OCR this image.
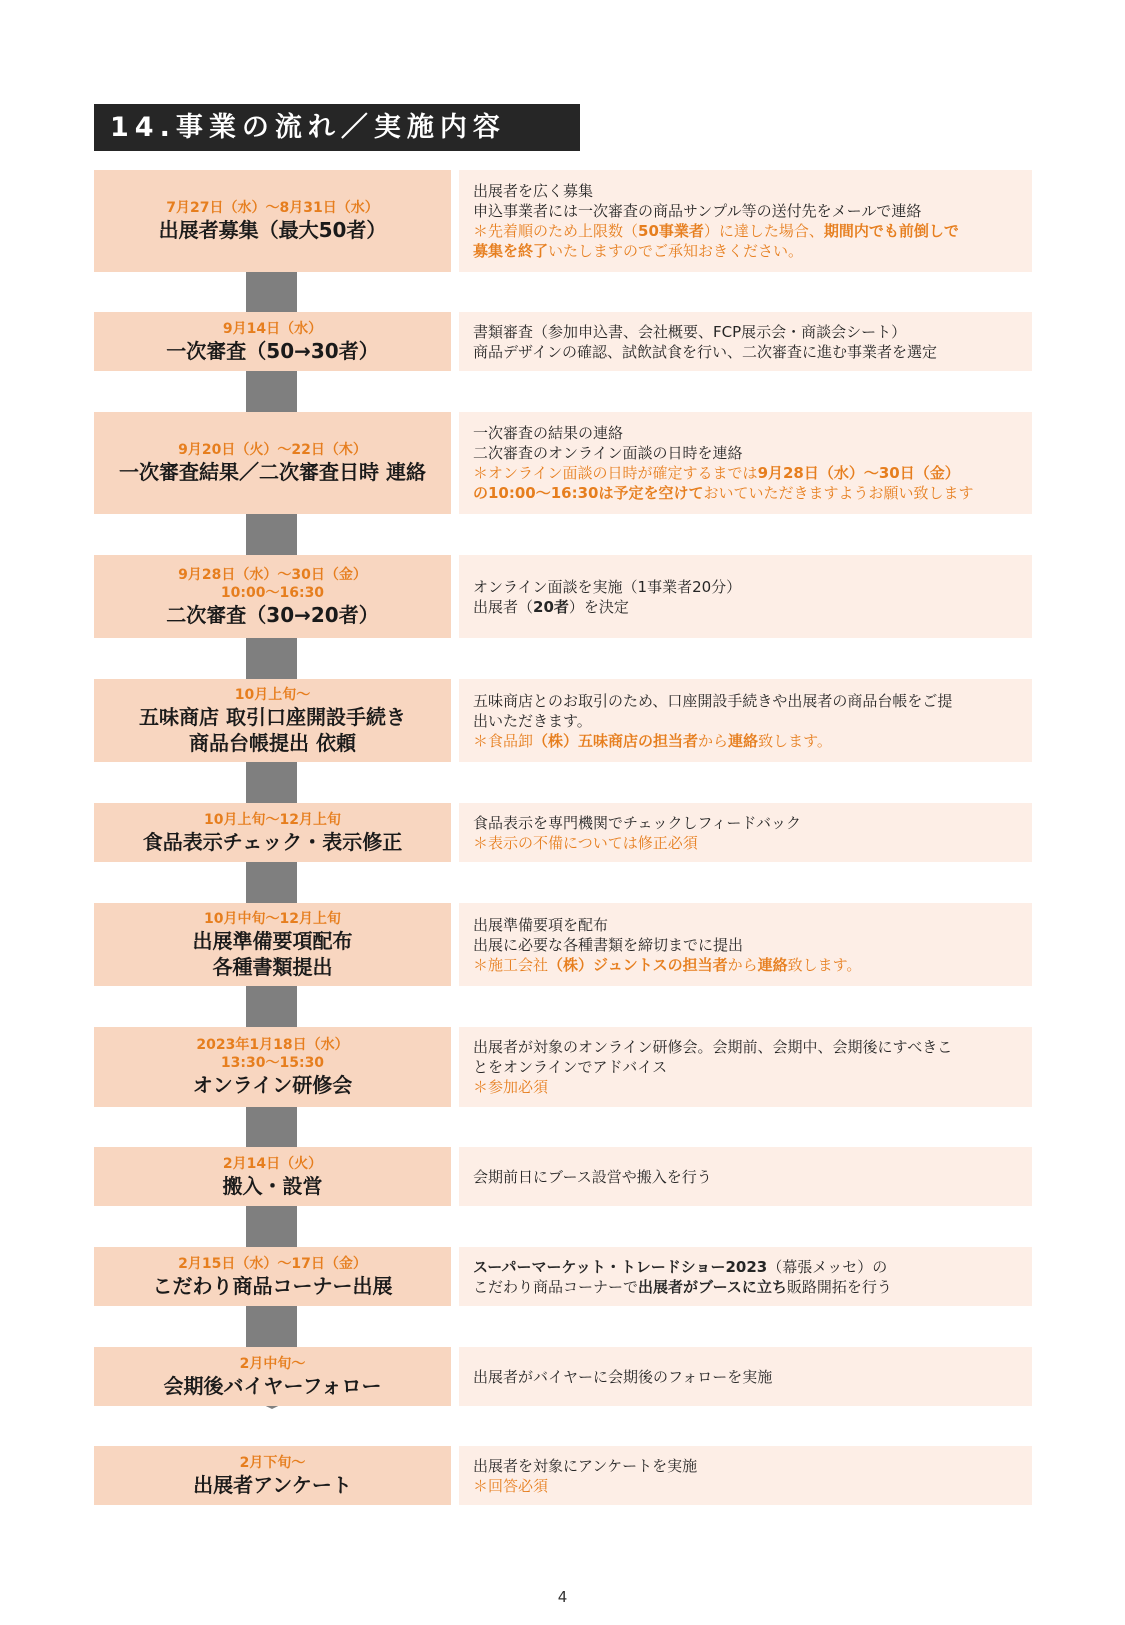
14.事業の流れ／実施内容
7月27日（水）～8月31日（水）
出展者募集（最大50者）
出展者を広く募集
申込事業者には一次審査の商品サンプル等の送付先をメールで連絡
＊先着順のため上限数（50事業者）に達した場合、期間内でも前倒しで
募集を終了いたしますのでご承知おきください。
9月14日（水）
一次審査（50→30者）
書類審査（参加申込書、会社概要、FCP展示会・商談会シート）
商品デザインの確認、試飲試食を行い、二次審査に進む事業者を選定
9月20日（火）～22日（木）
一次審査結果／二次審査日時 連絡
一次審査の結果の連絡
二次審査のオンライン面談の日時を連絡
＊オンライン面談の日時が確定するまでは9月28日（水）～30日（金）
の10:00～16:30は予定を空けておいていただきますようお願い致します
9月28日（水）～30日（金）
10:00～16:30
二次審査（30→20者）
オンライン面談を実施（1事業者20分）
出展者（20者）を決定
10月上旬～
五味商店 取引口座開設手続き
商品台帳提出 依頼
五味商店とのお取引のため、口座開設手続きや出展者の商品台帳をご提
出いただきます。
＊食品卸（株）五味商店の担当者から連絡致します。
10月上旬～12月上旬
食品表示チェック・表示修正
食品表示を専門機関でチェックしフィードバック
＊表示の不備については修正必須
10月中旬～12月上旬
出展準備要項配布
各種書類提出
出展準備要項を配布
出展に必要な各種書類を締切までに提出
＊施工会社（株）ジュントスの担当者から連絡致します。
2023年1月18日（水）
13:30～15:30
オンライン研修会
出展者が対象のオンライン研修会。会期前、会期中、会期後にすべきこ
とをオンラインでアドバイス
＊参加必須
2月14日（火）
搬入・設営	会期前日にブース設営や搬入を行う
2月15日（水）～17日（金）
こだわり商品コーナー出展
スーパーマーケット・トレードショー2023（幕張メッセ）の
こだわり商品コーナーで出展者がブースに立ち販路開拓を行う
2月中旬～
会期後バイヤーフォロー	出展者がバイヤーに会期後のフォローを実施
2月下旬～
出展者アンケート
出展者を対象にアンケートを実施
＊回答必須
4
